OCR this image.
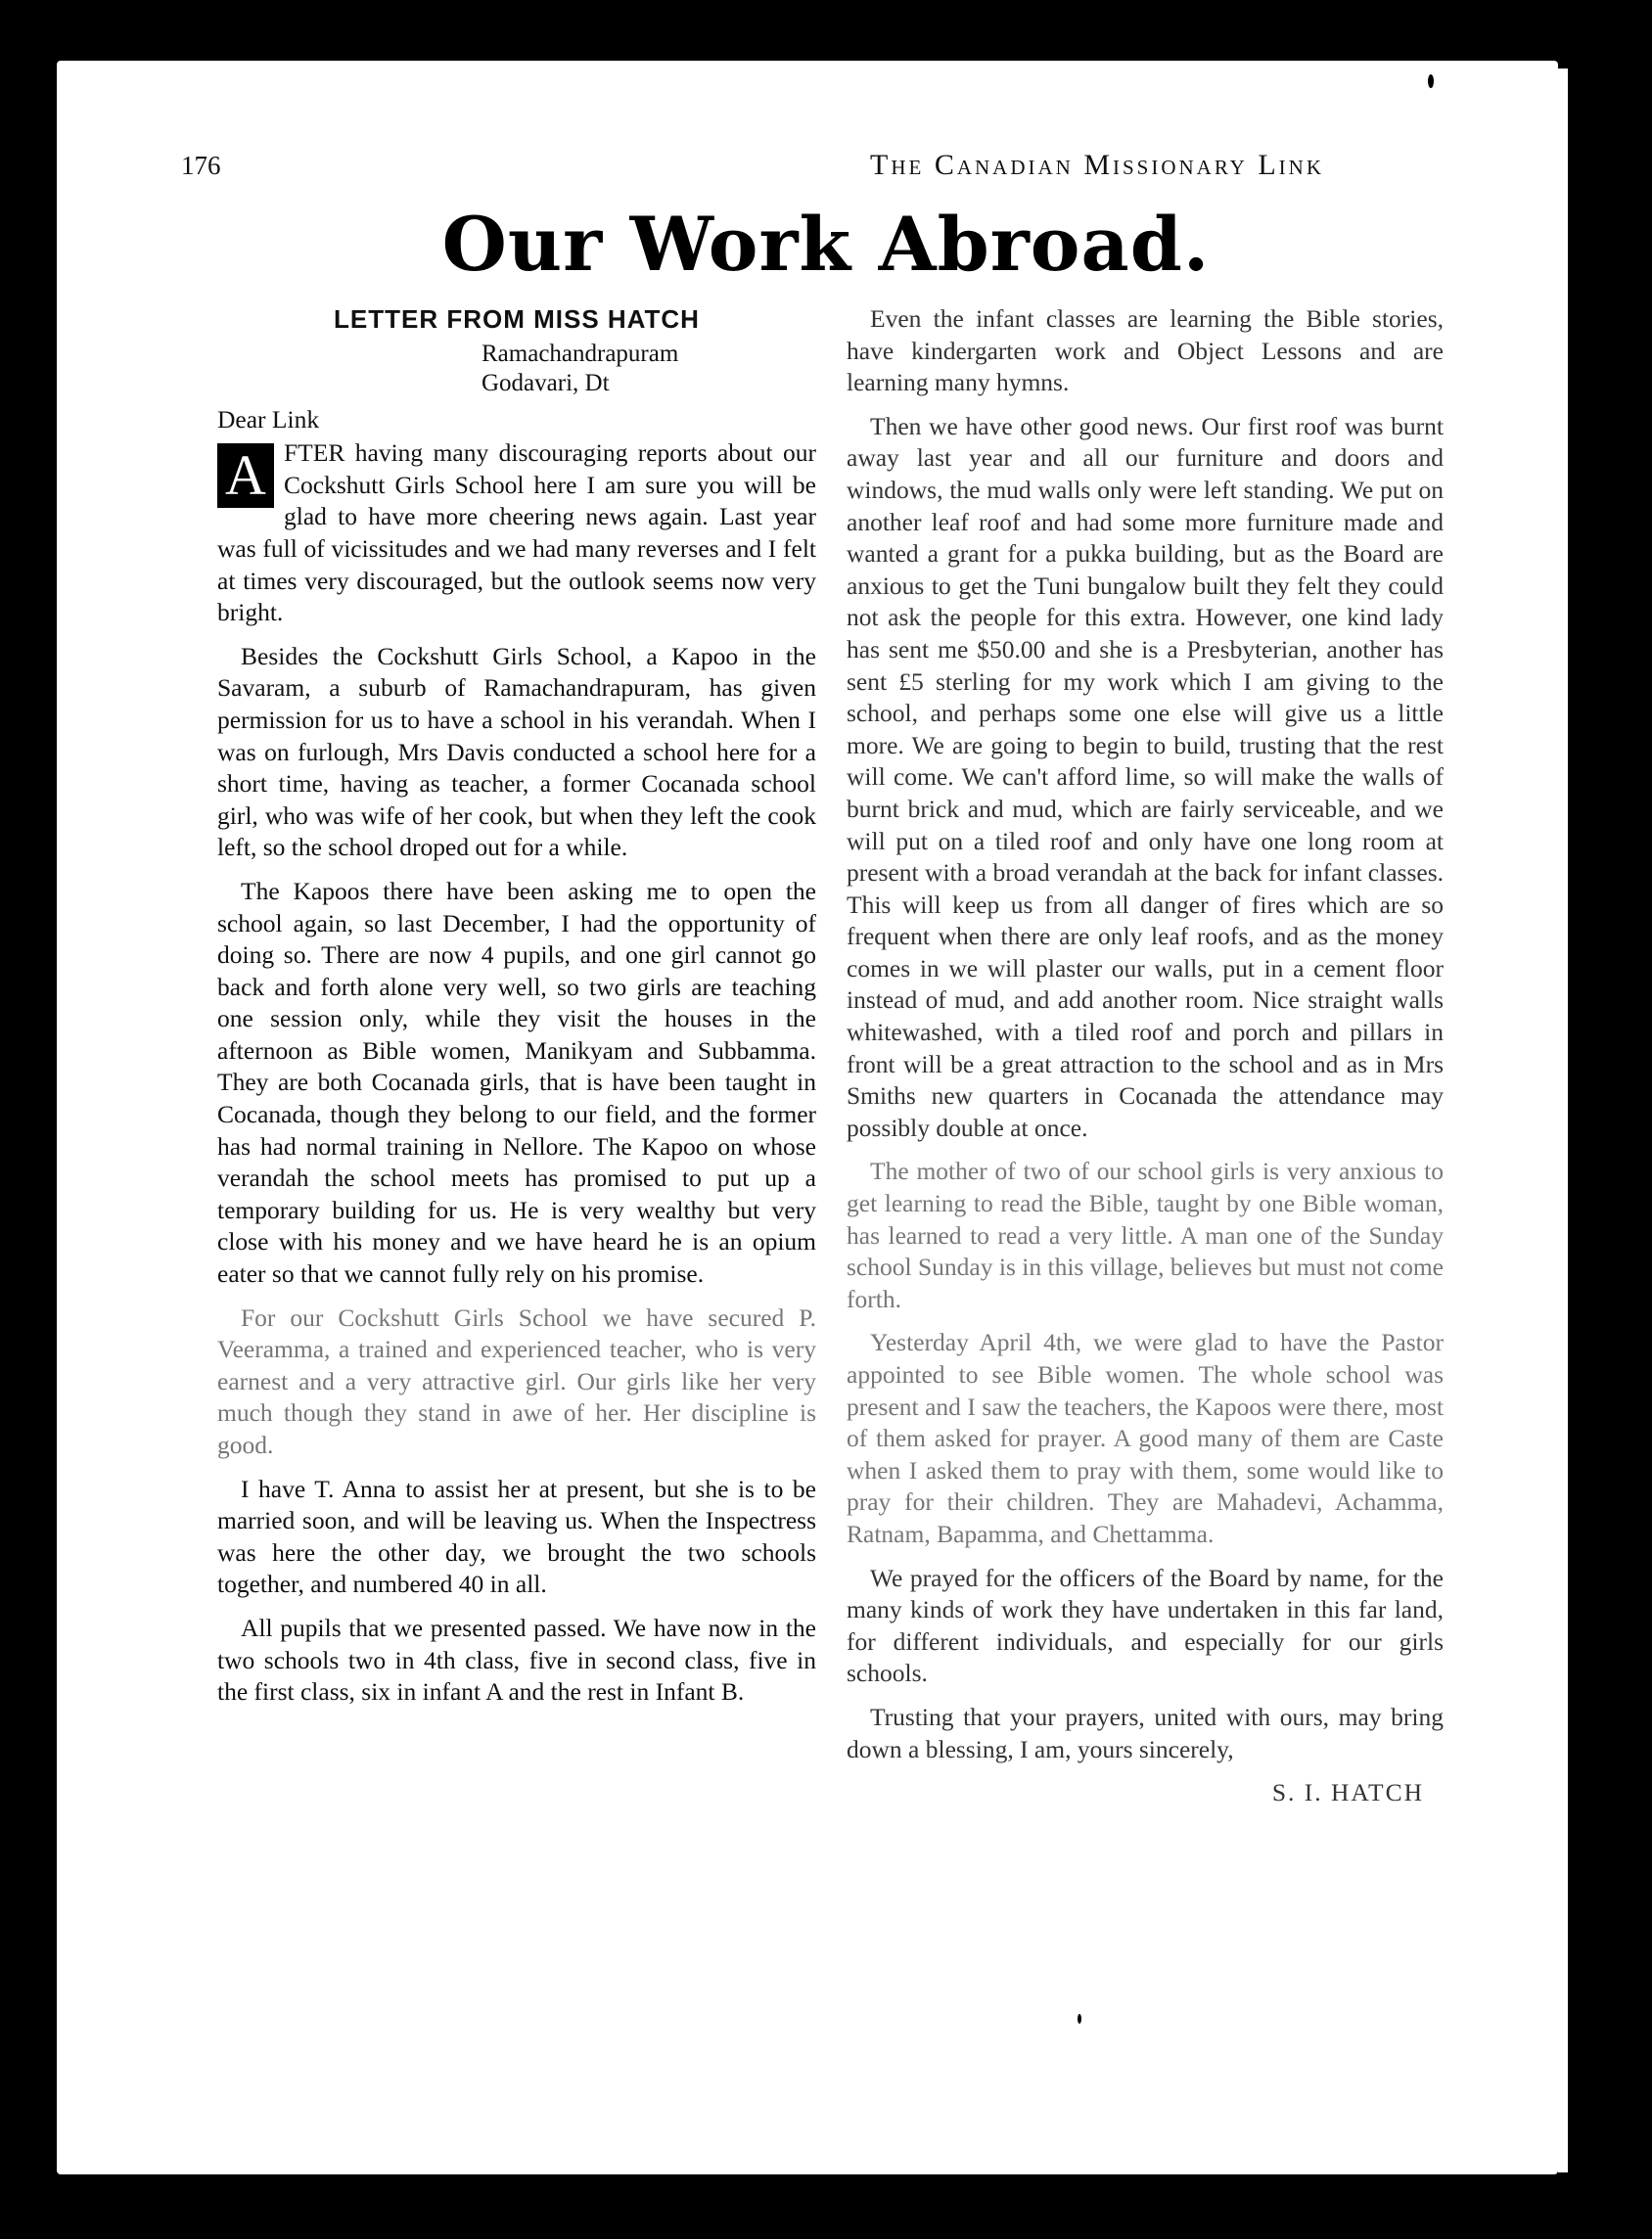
176	The Canadian Missionary Link
Our Work Abroad.
LETTER FROM MISS HATCH
Ramachandrapuram
Godavari, Dt
Dear Link

A FTER having many discouraging reports about our Cockshutt Girls School here I am sure you will be glad to have more cheering news again. Last year was full of vicissitudes and we had many reverses and I felt at times very discouraged, but the outlook seems now very bright.

Besides the Cockshutt Girls School, a Kapoo in the Savaram, a suburb of Ramachandrapuram, has given permission for us to have a school in his verandah. When I was on furlough, Mrs Davis conducted a school here for a short time, having as teacher, a former Cocanada school girl, who was wife of her cook, but when they left the cook left, so the school droped out for a while.

The Kapoos there have been asking me to open the school again, so last December, I had the opportunity of doing so. There are now 4 pupils, and one girl cannot go back and forth alone very well, so two girls are teaching one session only, while they visit the houses in the afternoon as Bible women, Manikyam and Subbamma. They are both Cocanada girls, that is have been taught in Cocanada, though they belong to our field, and the former has had normal training in Nellore. The Kapoo on whose verandah the school meets has promised to put up a temporary building for us. He is very wealthy but very close with his money and we have heard he is an opium eater so that we cannot fully rely on his promise.

For our Cockshutt Girls School we have secured P. Veeramma, a trained and experienced teacher, who is very earnest and a very attractive girl. Our girls like her very much though they stand in awe of her. Her discipline is good.

I have T. Anna to assist her at present, but she is to be married soon, and will be leaving us. When the Inspectress was here the other day, we brought the two schools together, and numbered 40 in all.

All pupils that we presented passed. We have now in the two schools two in 4th class, five in second class, five in the first class, six in infant A and the rest in Infant B.

Even the infant classes are learning the Bible stories, have kindergarten work and Object Lessons and are learning many hymns.

Then we have other good news. Our first roof was burnt away last year and all our furniture and doors and windows, the mud walls only were left standing. We put on another leaf roof and had some more furniture made and wanted a grant for a pukka building, but as the Board are anxious to get the Tuni bungalow built they felt they could not ask the people for this extra. However, one kind lady has sent me $50.00 and she is a Presbyterian, another has sent £5 sterling for my work which I am giving to the school, and perhaps some one else will give us a little more. We are going to begin to build, trusting that the rest will come. We can't afford lime, so will make the walls of burnt brick and mud, which are fairly serviceable, and we will put on a tiled roof and only have one long room at present with a broad verandah at the back for infant classes. This will keep us from all danger of fires which are so frequent when there are only leaf roofs, and as the money comes in we will plaster our walls, put in a cement floor instead of mud, and add another room. Nice straight walls whitewashed, with a tiled roof and porch and pillars in front will be a great attraction to the school and as in Mrs Smiths new quarters in Cocanada the attendance may possibly double at once.

The mother of two of our school girls is very anxious to get learning to read the Bible, taught by one Bible woman, has learned to read a very little. A man one of the Sunday school Sunday is in this village, believes but must not come forth.

Yesterday April 4th, we were glad to have the Pastor appointed to see Bible women. The whole school was present and I saw the teachers, the Kapoos were there, most of them asked for prayer. A good many of them are Caste when I asked them to pray with them, some would like to pray for their children. They are Mahadevi, Achamma, Ratnam, Bapamma, and Chettamma.

We prayed for the officers of the Board by name, for the many kinds of work they have undertaken in this far land, for different individuals, and especially for our girls schools.

Trusting that your prayers, united with ours, may bring down a blessing, I am, yours sincerely,

S. I. HATCH
